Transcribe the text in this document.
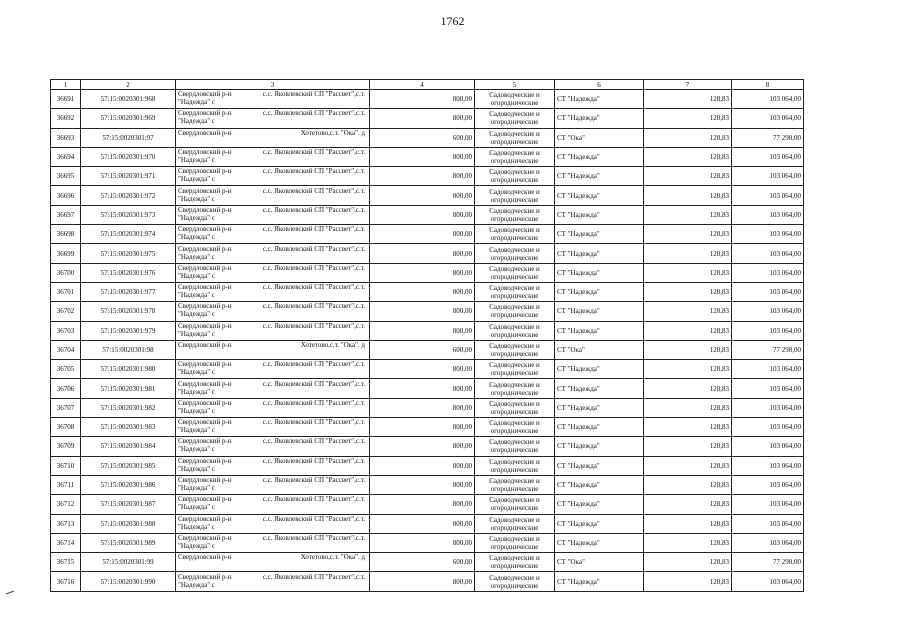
1762
1	2	3	4	5	6	7	8
36691	57:15:0020301:968	Свердловский р-н
"Надежда" с
с.с. Яковлевский СП "Рассвет",с.т.	800,00	Садоводческие и
огороднические	СТ "Надежда"	128,83	103 064,00
36692	57:15:0020301:969	Свердловский р-н
"Надежда" с
с.с. Яковлевский СП "Рассвет",с.т.	800,00	Садоводческие и
огороднические	СТ "Надежда"	128,83	103 064,00
36693	57:15:0020301:97	Свердловский р-н Хотетово,с.т. "Ока". д	600,00	Садоводческие и
огороднические	СТ "Ока"	128,83	77 298,00
36694	57:15:0020301:970	Свердловский р-н
"Надежда" с
с.с. Яковлевский СП "Рассвет",с.т.	800,00	Садоводческие и
огороднические	СТ "Надежда"	128,83	103 064,00
36695	57:15:0020301:971	Свердловский р-н
"Надежда" с
с.с. Яковлевский СП "Рассвет",с.т.	800,00	Садоводческие и
огороднические	СТ "Надежда"	128,83	103 064,00
36696	57:15:0020301:972	Свердловский р-н
"Надежда" с
с.с. Яковлевский СП "Рассвет",с.т.	800,00	Садоводческие и
огороднические	СТ "Надежда"	128,83	103 064,00
36697	57:15:0020301:973	Свердловский р-н
"Надежда" с
с.с. Яковлевский СП "Рассвет",с.т.	800,00	Садоводческие и
огороднические	СТ "Надежда"	128,83	103 064,00
36698	57:15:0020301:974	Свердловский р-н
"Надежда" с
с.с. Яковлевский СП "Рассвет",с.т.	800,00	Садоводческие и
огороднические	СТ "Надежда"	128,83	103 064,00
36699	57:15:0020301:975	Свердловский р-н
"Надежда" с
с.с. Яковлевский СП "Рассвет",с.т.	800,00	Садоводческие и
огороднические	СТ "Надежда"	128,83	103 064,00
36700	57:15:0020301:976	Свердловский р-н
"Надежда" с
с.с. Яковлевский СП "Рассвет",с.т.	800,00	Садоводческие и
огороднические	СТ "Надежда"	128,83	103 064,00
36701	57:15:0020301:977	Свердловский р-н
"Надежда" с
с.с. Яковлевский СП "Рассвет",с.т.	800,00	Садоводческие и
огороднические	СТ "Надежда"	128,83	103 064,00
36702	57:15:0020301:978	Свердловский р-н
"Надежда" с
с.с. Яковлевский СП "Рассвет",с.т.	800,00	Садоводческие и
огороднические	СТ "Надежда"	128,83	103 064,00
36703	57:15:0020301:979	Свердловский р-н
"Надежда" с
с.с. Яковлевский СП "Рассвет",с.т.	800,00	Садоводческие и
огороднические	СТ "Надежда"	128,83	103 064,00
36704	57:15:0020301:98	Свердловский р-н Хотетово,с.т. "Ока". д	600,00	Садоводческие и
огороднические	СТ "Ока"	128,83	77 298,00
36705	57:15:0020301:980	Свердловский р-н
"Надежда" с
с.с. Яковлевский СП "Рассвет",с.т.	800,00	Садоводческие и
огороднические	СТ "Надежда"	128,83	103 064,00
36706	57:15:0020301:981	Свердловский р-н
"Надежда" с
с.с. Яковлевский СП "Рассвет",с.т.	800,00	Садоводческие и
огороднические	СТ "Надежда"	128,83	103 064,00
36707	57:15:0020301:982	Свердловский р-н
"Надежда" с
с.с. Яковлевский СП "Рассвет",с.т.	800,00	Садоводческие и
огороднические	СТ "Надежда"	128,83	103 064,00
36708	57:15:0020301:983	Свердловский р-н
"Надежда" с
с.с. Яковлевский СП "Рассвет",с.т.	800,00	Садоводческие и
огороднические	СТ "Надежда"	128,83	103 064,00
36709	57:15:0020301:984	Свердловский р-н
"Надежда" с
с.с. Яковлевский СП "Рассвет",с.т.	800,00	Садоводческие и
огороднические	СТ "Надежда"	128,83	103 064,00
36710	57:15:0020301:985	Свердловский р-н
"Надежда" с
с.с. Яковлевский СП "Рассвет",с.т.	800,00	Садоводческие и
огороднические	СТ "Надежда"	128,83	103 064,00
36711	57:15:0020301:986	Свердловский р-н
"Надежда" с
с.с. Яковлевский СП "Рассвет",с.т.	800,00	Садоводческие и
огороднические	СТ "Надежда"	128,83	103 064,00
36712	57:15:0020301:987	Свердловский р-н
"Надежда" с
с.с. Яковлевский СП "Рассвет",с.т.	800,00	Садоводческие и
огороднические	СТ "Надежда"	128,83	103 064,00
36713	57:15:0020301:988	Свердловский р-н
"Надежда" с
с.с. Яковлевский СП "Рассвет",с.т.	800,00	Садоводческие и
огороднические	СТ "Надежда"	128,83	103 064,00
36714	57:15:0020301:989	Свердловский р-н
"Надежда" с
с.с. Яковлевский СП "Рассвет",с.т.	800,00	Садоводческие и
огороднические	СТ "Надежда"	128,83	103 064,00
36715	57:15:0020301:99	Свердловский р-н Хотетово,с.т. "Ока". д	600,00	Садоводческие и
огороднические	СТ "Ока"	128,83	77 298,00
36716	57:15:0020301:990	Свердловский р-н
"Надежда" с
с.с. Яковлевский СП "Рассвет",с.т.	800,00	Садоводческие и
огороднические	СТ "Надежда"	128,83	103 064,00
